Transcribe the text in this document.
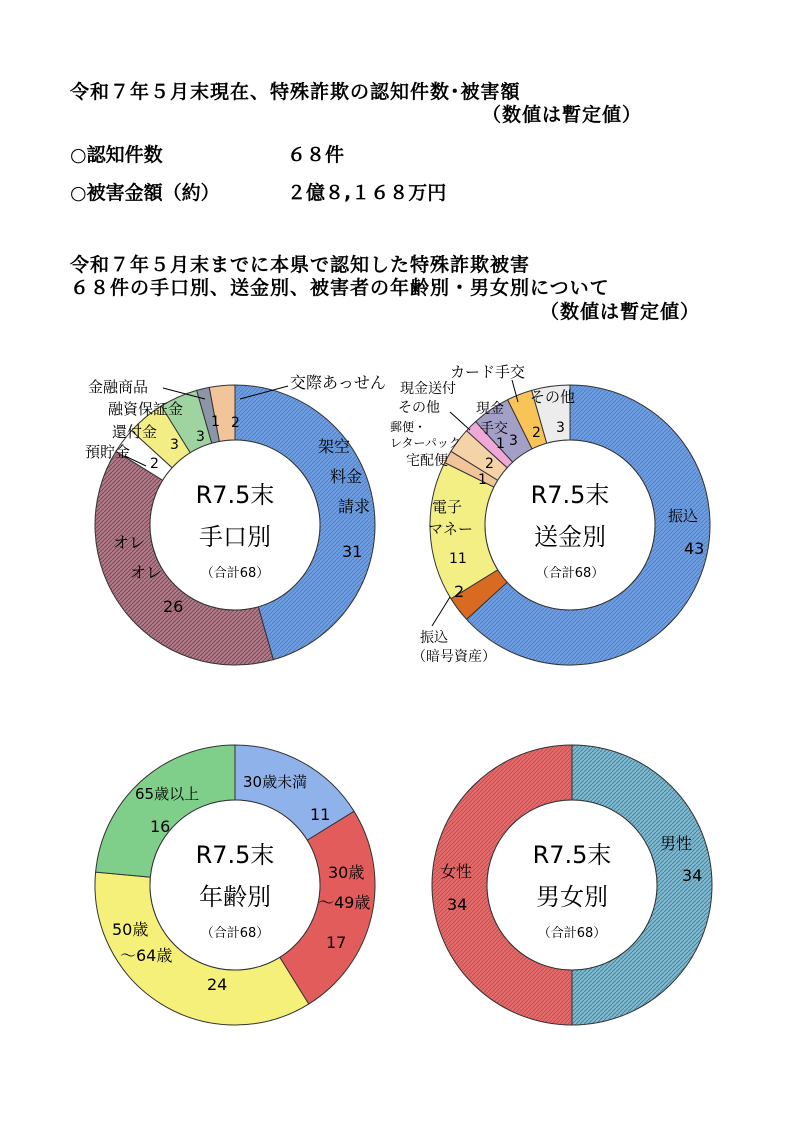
令和７年５月末現在、特殊詐欺の認知件数･被害額
（数値は暫定値）
○認知件数	６８件
○被害金額（約）	２億８,１６８万円
令和７年５月末までに本県で認知した特殊詐欺被害
６８件の手口別、送金別、被害者の年齢別・男女別について
（数値は暫定値）
R7.5末
手口別
（合計68）
架空
料金
請求
31
オレ
オレ
26
預貯金
2
還付金
3
融資保証金
3
金融商品
1
交際あっせん
2
R7.5末
送金別
（合計68）
振込
43
振込
（暗号資産）
2
電子
マネー
11
宅配便
1
郵便・
レターパック
2
現金送付
その他
1
現金
手交
3
カード手交
2
その他
3
R7.5末
年齢別
（合計68）
30歳未満
11
30歳
～49歳
17
50歳
～64歳
24
65歳以上
16
R7.5末
男女別
（合計68）
男性
34
女性
34
